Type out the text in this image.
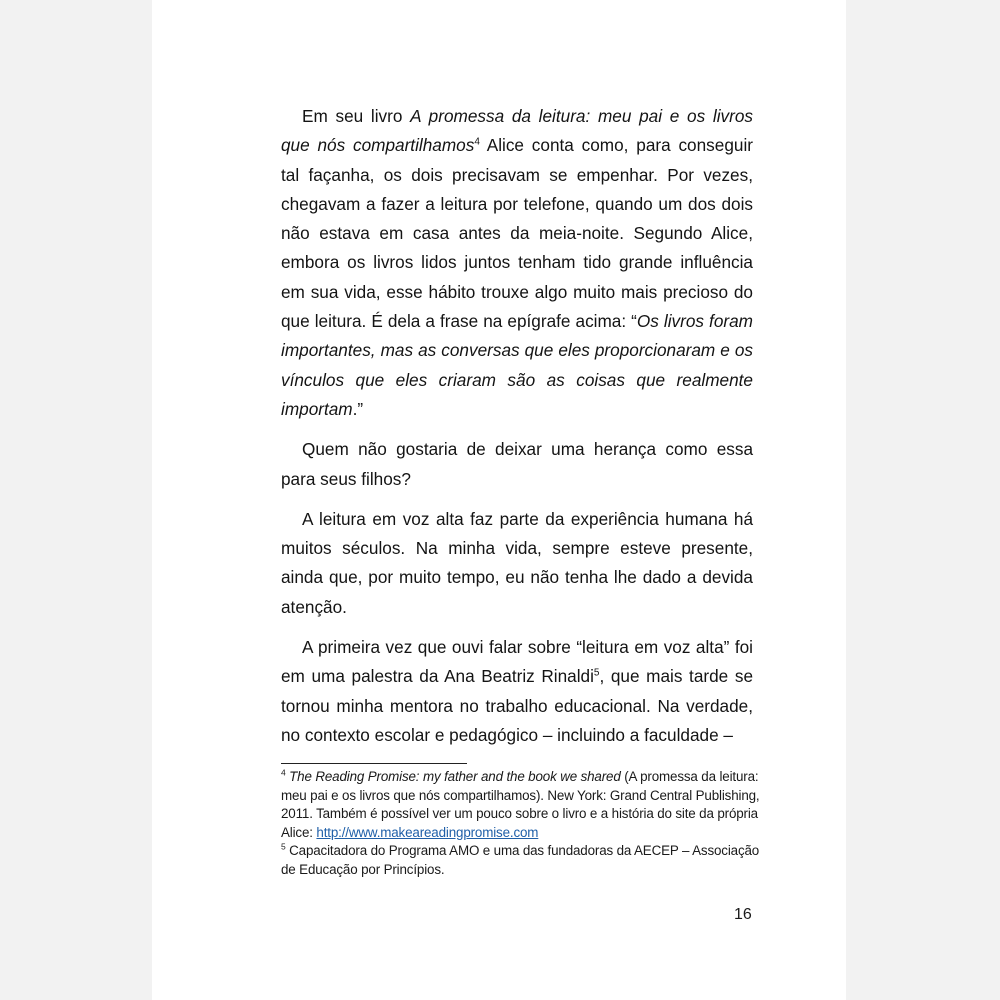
Em seu livro A promessa da leitura: meu pai e os livros que nós compartilhamos$^4$ Alice conta como, para conseguir tal façanha, os dois precisavam se empenhar. Por vezes, chegavam a fazer a leitura por telefone, quando um dos dois não estava em casa antes da meia-noite. Segundo Alice, embora os livros lidos juntos tenham tido grande influência em sua vida, esse hábito trouxe algo muito mais precioso do que leitura. É dela a frase na epígrafe acima: “Os livros foram importantes, mas as conversas que eles proporcionaram e os vínculos que eles criaram são as coisas que realmente importam.”

Quem não gostaria de deixar uma herança como essa para seus filhos?

A leitura em voz alta faz parte da experiência humana há muitos séculos. Na minha vida, sempre esteve presente, ainda que, por muito tempo, eu não tenha lhe dado a devida atenção.

A primeira vez que ouvi falar sobre “leitura em voz alta” foi em uma palestra da Ana Beatriz Rinaldi$^5$, que mais tarde se tornou minha mentora no trabalho educacional. Na verdade, no contexto escolar e pedagógico – incluindo a faculdade –

$^4$ The Reading Promise: my father and the book we shared (A promessa da leitura: meu pai e os livros que nós compartilhamos). New York: Grand Central Publishing, 2011. Também é possível ver um pouco sobre o livro e a história do site da própria Alice: http://www.makeareadingpromise.com

$^5$ Capacitadora do Programa AMO e uma das fundadoras da AECEP – Associação de Educação por Princípios.

16
